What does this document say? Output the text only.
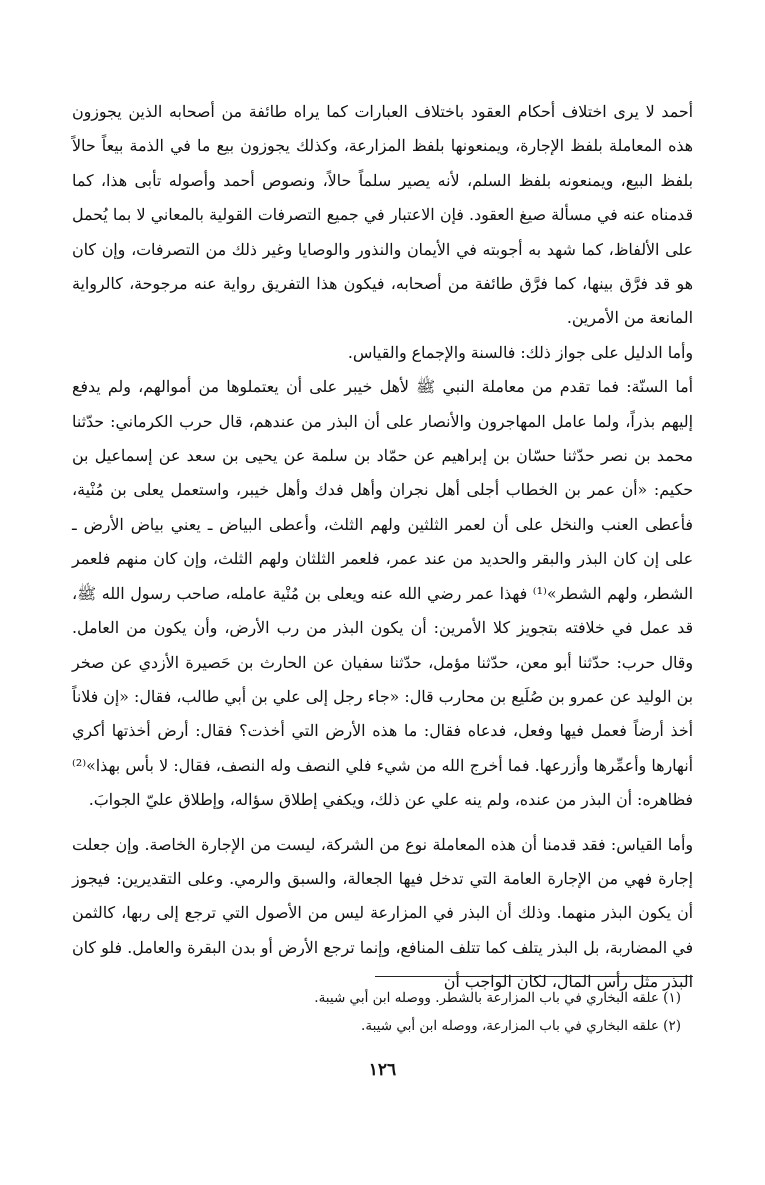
أحمد لا يرى اختلاف أحكام العقود باختلاف العبارات كما يراه طائفة من أصحابه الذين يجوزون هذه المعاملة بلفظ الإجارة، ويمنعونها بلفظ المزارعة، وكذلك يجوزون بيع ما في الذمة بيعاً حالاً بلفظ البيع، ويمنعونه بلفظ السلم، لأنه يصير سلماً حالاً، ونصوص أحمد وأصوله تأبى هذا، كما قدمناه عنه في مسألة صيغ العقود. فإن الاعتبار في جميع التصرفات القولية بالمعاني لا بما يُحمل على الألفاظ، كما شهد به أجوبته في الأيمان والنذور والوصايا وغير ذلك من التصرفات، وإن كان هو قد فرَّق بينها، كما فرَّق طائفة من أصحابه، فيكون هذا التفريق رواية عنه مرجوحة، كالرواية المانعة من الأمرين.

وأما الدليل على جواز ذلك: فالسنة والإجماع والقياس.

أما السنّة: فما تقدم من معاملة النبي ﷺ لأهل خيبر على أن يعتملوها من أموالهم، ولم يدفع إليهم بذراً، ولما عامل المهاجرون والأنصار على أن البذر من عندهم، قال حرب الكرماني: حدّثنا محمد بن نصر حدّثنا حسّان بن إبراهيم عن حمّاد بن سلمة عن يحيى بن سعد عن إسماعيل بن حكيم: «أن عمر بن الخطاب أجلى أهل نجران وأهل فدك وأهل خيبر، واستعمل يعلى بن مُنْية، فأعطى العنب والنخل على أن لعمر الثلثين ولهم الثلث، وأعطى البياض ـ يعني بياض الأرض ـ على إن كان البذر والبقر والحديد من عند عمر، فلعمر الثلثان ولهم الثلث، وإن كان منهم فلعمر الشطر، ولهم الشطر»⁽¹⁾ فهذا عمر رضي الله عنه ويعلى بن مُنْية عامله، صاحب رسول الله ﷺ، قد عمل في خلافته بتجويز كلا الأمرين: أن يكون البذر من رب الأرض، وأن يكون من العامل. وقال حرب: حدّثنا أبو معن، حدّثنا مؤمل، حدّثنا سفيان عن الحارث بن حَصيرة الأزدي عن صخر بن الوليد عن عمرو بن صُلَيع بن محارب قال: «جاء رجل إلى علي بن أبي طالب، فقال: «إن فلاناً أخذ أرضاً فعمل فيها وفعل، فدعاه فقال: ما هذه الأرض التي أخذت؟ فقال: أرض أخذتها أكري أنهارها وأعمِّرها وأزرعها. فما أخرج الله من شيء فلي النصف وله النصف، فقال: لا بأس بهذا»⁽²⁾فظاهره: أن البذر من عنده، ولم ينه علي عن ذلك، ويكفي إطلاق سؤاله، وإطلاق عليّ الجوابَ.

وأما القياس: فقد قدمنا أن هذه المعاملة نوع من الشركة، ليست من الإجارة الخاصة. وإن جعلت إجارة فهي من الإجارة العامة التي تدخل فيها الجعالة، والسبق والرمي. وعلى التقديرين: فيجوز أن يكون البذر منهما. وذلك أن البذر في المزارعة ليس من الأصول التي ترجع إلى ربها، كالثمن في المضاربة، بل البذر يتلف كما تتلف المنافع، وإنما ترجع الأرض أو بدن البقرة والعامل. فلو كان البذر مثل رأس المال، لكان الواجب أن

(١) علقه البخاري في باب المزارعة بالشطر. ووصله ابن أبي شيبة.

(٢) علقه البخاري في باب المزارعة، ووصله ابن أبي شيبة.

١٢٦
